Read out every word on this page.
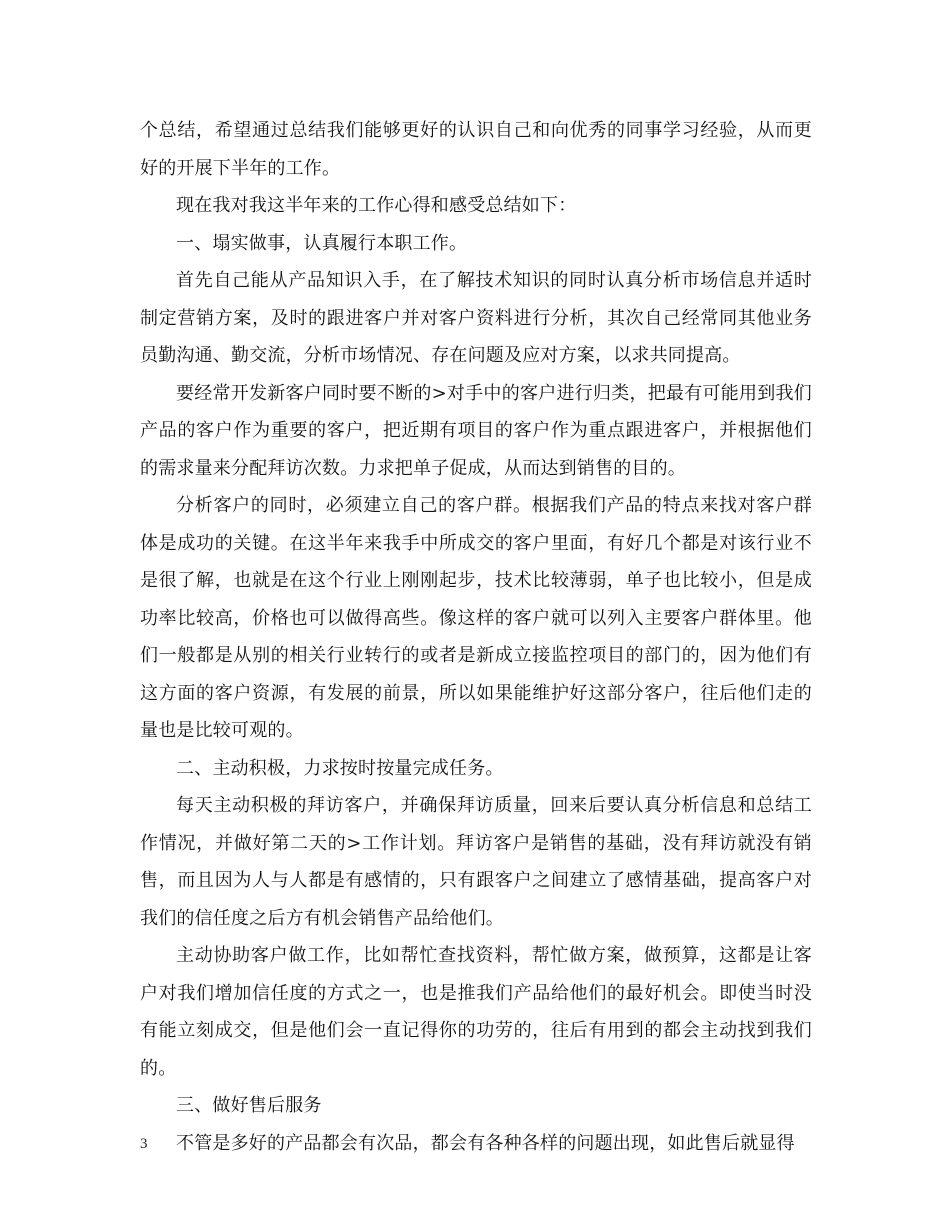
个总结，希望通过总结我们能够更好的认识自己和向优秀的同事学习经验，从而更好的开展下半年的工作。

现在我对我这半年来的工作心得和感受总结如下：

一、塌实做事，认真履行本职工作。

首先自己能从产品知识入手，在了解技术知识的同时认真分析市场信息并适时制定营销方案，及时的跟进客户并对客户资料进行分析，其次自己经常同其他业务员勤沟通、勤交流，分析市场情况、存在问题及应对方案，以求共同提高。

要经常开发新客户同时要不断的>对手中的客户进行归类，把最有可能用到我们产品的客户作为重要的客户，把近期有项目的客户作为重点跟进客户，并根据他们的需求量来分配拜访次数。力求把单子促成，从而达到销售的目的。

分析客户的同时，必须建立自己的客户群。根据我们产品的特点来找对客户群体是成功的关键。在这半年来我手中所成交的客户里面，有好几个都是对该行业不是很了解，也就是在这个行业上刚刚起步，技术比较薄弱，单子也比较小，但是成功率比较高，价格也可以做得高些。像这样的客户就可以列入主要客户群体里。他们一般都是从别的相关行业转行的或者是新成立接监控项目的部门的，因为他们有这方面的客户资源，有发展的前景，所以如果能维护好这部分客户，往后他们走的量也是比较可观的。

二、主动积极，力求按时按量完成任务。

每天主动积极的拜访客户，并确保拜访质量，回来后要认真分析信息和总结工作情况，并做好第二天的>工作计划。拜访客户是销售的基础，没有拜访就没有销售，而且因为人与人都是有感情的，只有跟客户之间建立了感情基础，提高客户对我们的信任度之后方有机会销售产品给他们。

主动协助客户做工作，比如帮忙查找资料，帮忙做方案，做预算，这都是让客户对我们增加信任度的方式之一，也是推我们产品给他们的最好机会。即使当时没有能立刻成交，但是他们会一直记得你的功劳的，往后有用到的都会主动找到我们的。

三、做好售后服务

不管是多好的产品都会有次品，都会有各种各样的问题出现，如此售后就显得

3
